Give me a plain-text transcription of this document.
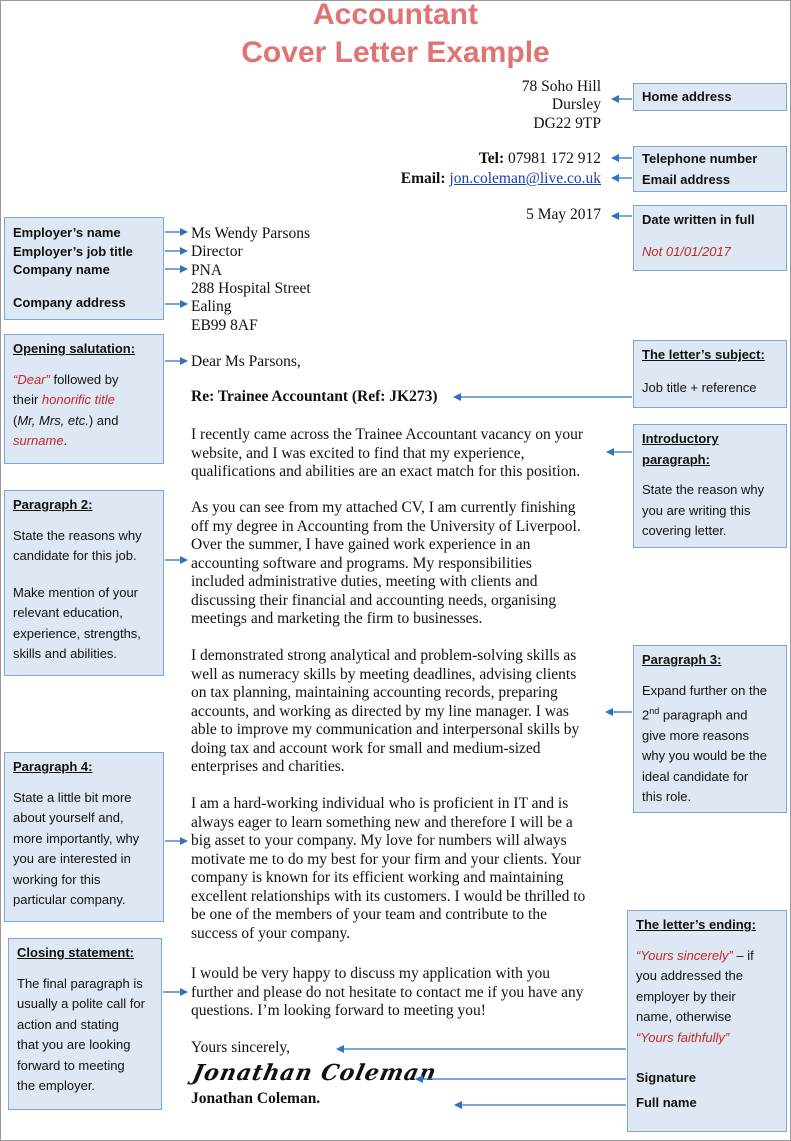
Accountant
Cover Letter Example
78 Soho Hill
Dursley
DG22 9TP
Tel: 07981 172 912
Email: jon.coleman@live.co.uk
5 May 2017
Ms Wendy Parsons
Director
PNA
288 Hospital Street
Ealing
EB99 8AF
Dear Ms Parsons,
Re: Trainee Accountant (Ref: JK273)
I recently came across the Trainee Accountant vacancy on your
website, and I was excited to find that my experience,
qualifications and abilities are an exact match for this position.
As you can see from my attached CV, I am currently finishing
off my degree in Accounting from the University of Liverpool.
Over the summer, I have gained work experience in an
accounting software and programs. My responsibilities
included administrative duties, meeting with clients and
discussing their financial and accounting needs, organising
meetings and marketing the firm to businesses.
I demonstrated strong analytical and problem-solving skills as
well as numeracy skills by meeting deadlines, advising clients
on tax planning, maintaining accounting records, preparing
accounts, and working as directed by my line manager. I was
able to improve my communication and interpersonal skills by
doing tax and account work for small and medium-sized
enterprises and charities.
I am a hard-working individual who is proficient in IT and is
always eager to learn something new and therefore I will be a
big asset to your company. My love for numbers will always
motivate me to do my best for your firm and your clients. Your
company is known for its efficient working and maintaining
excellent relationships with its customers. I would be thrilled to
be one of the members of your team and contribute to the
success of your company.
I would be very happy to discuss my application with you
further and please do not hesitate to contact me if you have any
questions. I’m looking forward to meeting you!
Yours sincerely,
Jonathan Coleman
Jonathan Coleman.
Home address
Telephone number
Email address
Date written in full
Not 01/01/2017
The letter’s subject:
Job title + reference
Introductory
paragraph:
State the reason why
you are writing this
covering letter.
Paragraph 3:
Expand further on the
2nd paragraph and
give more reasons
why you would be the
ideal candidate for
this role.
The letter’s ending:
“Yours sincerely” – if
you addressed the
employer by their
name, otherwise
“Yours faithfully”
Signature
Full name
Employer’s name
Employer’s job title
Company name
Company address
Opening salutation:
“Dear” followed by
their honorific title
(Mr, Mrs, etc.) and
surname.
Paragraph 2:
State the reasons why
candidate for this job.
Make mention of your
relevant education,
experience, strengths,
skills and abilities.
Paragraph 4:
State a little bit more
about yourself and,
more importantly, why
you are interested in
working for this
particular company.
Closing statement:
The final paragraph is
usually a polite call for
action and stating
that you are looking
forward to meeting
the employer.
